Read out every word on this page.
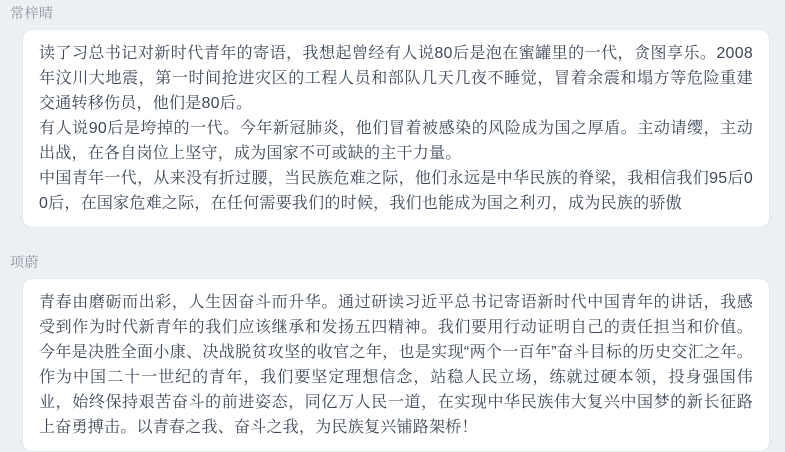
常梓晴

读了习总书记对新时代青年的寄语，我想起曾经有人说80后是泡在蜜罐里的一代，贪图享乐。2008年汶川大地震，第一时间抢进灾区的工程人员和部队几天几夜不睡觉，冒着余震和塌方等危险重建交通转移伤员，他们是80后。

有人说90后是垮掉的一代。今年新冠肺炎，他们冒着被感染的风险成为国之厚盾。主动请缨，主动出战，在各自岗位上坚守，成为国家不可或缺的主干力量。

中国青年一代，从来没有折过腰，当民族危难之际，他们永远是中华民族的脊梁，我相信我们95后00后，在国家危难之际，在任何需要我们的时候，我们也能成为国之利刃，成为民族的骄傲

项蔚

青春由磨砺而出彩，人生因奋斗而升华。通过研读习近平总书记寄语新时代中国青年的讲话，我感受到作为时代新青年的我们应该继承和发扬五四精神。我们要用行动证明自己的责任担当和价值。今年是决胜全面小康、决战脱贫攻坚的收官之年，也是实现“两个一百年”奋斗目标的历史交汇之年。作为中国二十一世纪的青年，我们要坚定理想信念，站稳人民立场，练就过硬本领，投身强国伟业，始终保持艰苦奋斗的前进姿态，同亿万人民一道，在实现中华民族伟大复兴中国梦的新长征路上奋勇搏击。以青春之我、奋斗之我，为民族复兴铺路架桥！
